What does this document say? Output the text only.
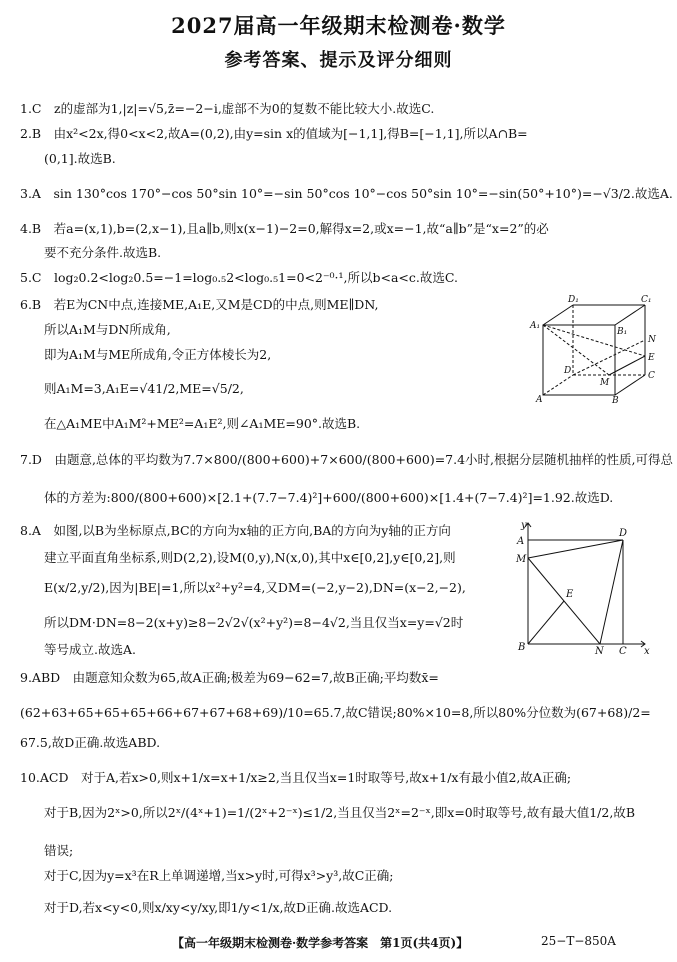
2027届高一年级期末检测卷·数学
参考答案、提示及评分细则
1.C　z的虚部为1,|z|=√5,z̄=−2−i,虚部不为0的复数不能比较大小.故选C.
2.B　由x²<2x,得0<x<2,故A=(0,2),由y=sin x的值域为[−1,1],得B=[−1,1],所以A∩B=
(0,1].故选B.
3.A　sin 130°cos 170°−cos 50°sin 10°=−sin 50°cos 10°−cos 50°sin 10°=−sin(50°+10°)=−√3/2.故选A.
4.B　若a=(x,1),b=(2,x−1),且a∥b,则x(x−1)−2=0,解得x=2,或x=−1,故“a∥b”是“x=2”的必
要不充分条件.故选B.
5.C　log₂0.2<log₂0.5=−1=log₀.₅2<log₀.₅1=0<2⁻⁰·¹,所以b<a<c.故选C.
6.B　若E为CN中点,连接ME,A₁E,又M是CD的中点,则ME∥DN,
所以A₁M与DN所成角,
即为A₁M与ME所成角,令正方体棱长为2,
则A₁M=3,A₁E=√41/2,ME=√5/2,
在△A₁ME中A₁M²+ME²=A₁E²,则∠A₁ME=90°.故选B.
7.D　由题意,总体的平均数为7.7×800/(800+600)+7×600/(800+600)=7.4小时,根据分层随机抽样的性质,可得总
体的方差为:800/(800+600)×[2.1+(7.7−7.4)²]+600/(800+600)×[1.4+(7−7.4)²]=1.92.故选D.
8.A　如图,以B为坐标原点,BC的方向为x轴的正方向,BA的方向为y轴的正方向
建立平面直角坐标系,则D(2,2),设M(0,y),N(x,0),其中x∈[0,2],y∈[0,2],则
E(x/2,y/2),因为|BE|=1,所以x²+y²=4,又DM=(−2,y−2),DN=(x−2,−2),
所以DM·DN=8−2(x+y)≥8−2√2√(x²+y²)=8−4√2,当且仅当x=y=√2时
等号成立.故选A.
9.ABD　由题意知众数为65,故A正确;极差为69−62=7,故B正确;平均数x̄=
(62+63+65+65+65+66+67+67+68+69)/10=65.7,故C错误;80%×10=8,所以80%分位数为(67+68)/2=
67.5,故D正确.故选ABD.
10.ACD　对于A,若x>0,则x+1/x=x+1/x≥2,当且仅当x=1时取等号,故x+1/x有最小值2,故A正确;
对于B,因为2ˣ>0,所以2ˣ/(4ˣ+1)=1/(2ˣ+2⁻ˣ)≤1/2,当且仅当2ˣ=2⁻ˣ,即x=0时取等号,故有最大值1/2,故B
错误;
对于C,因为y=x³在R上单调递增,当x>y时,可得x³>y³,故C正确;
对于D,若x<y<0,则x/xy<y/xy,即1/y<1/x,故D正确.故选ACD.
D₁	C₁
A₁
B₁
N
E
D
M
C
A	B
y
A
D
M
E
B	N C x
【高一年级期末检测卷·数学参考答案　第1页(共4页)】	25−T−850A
